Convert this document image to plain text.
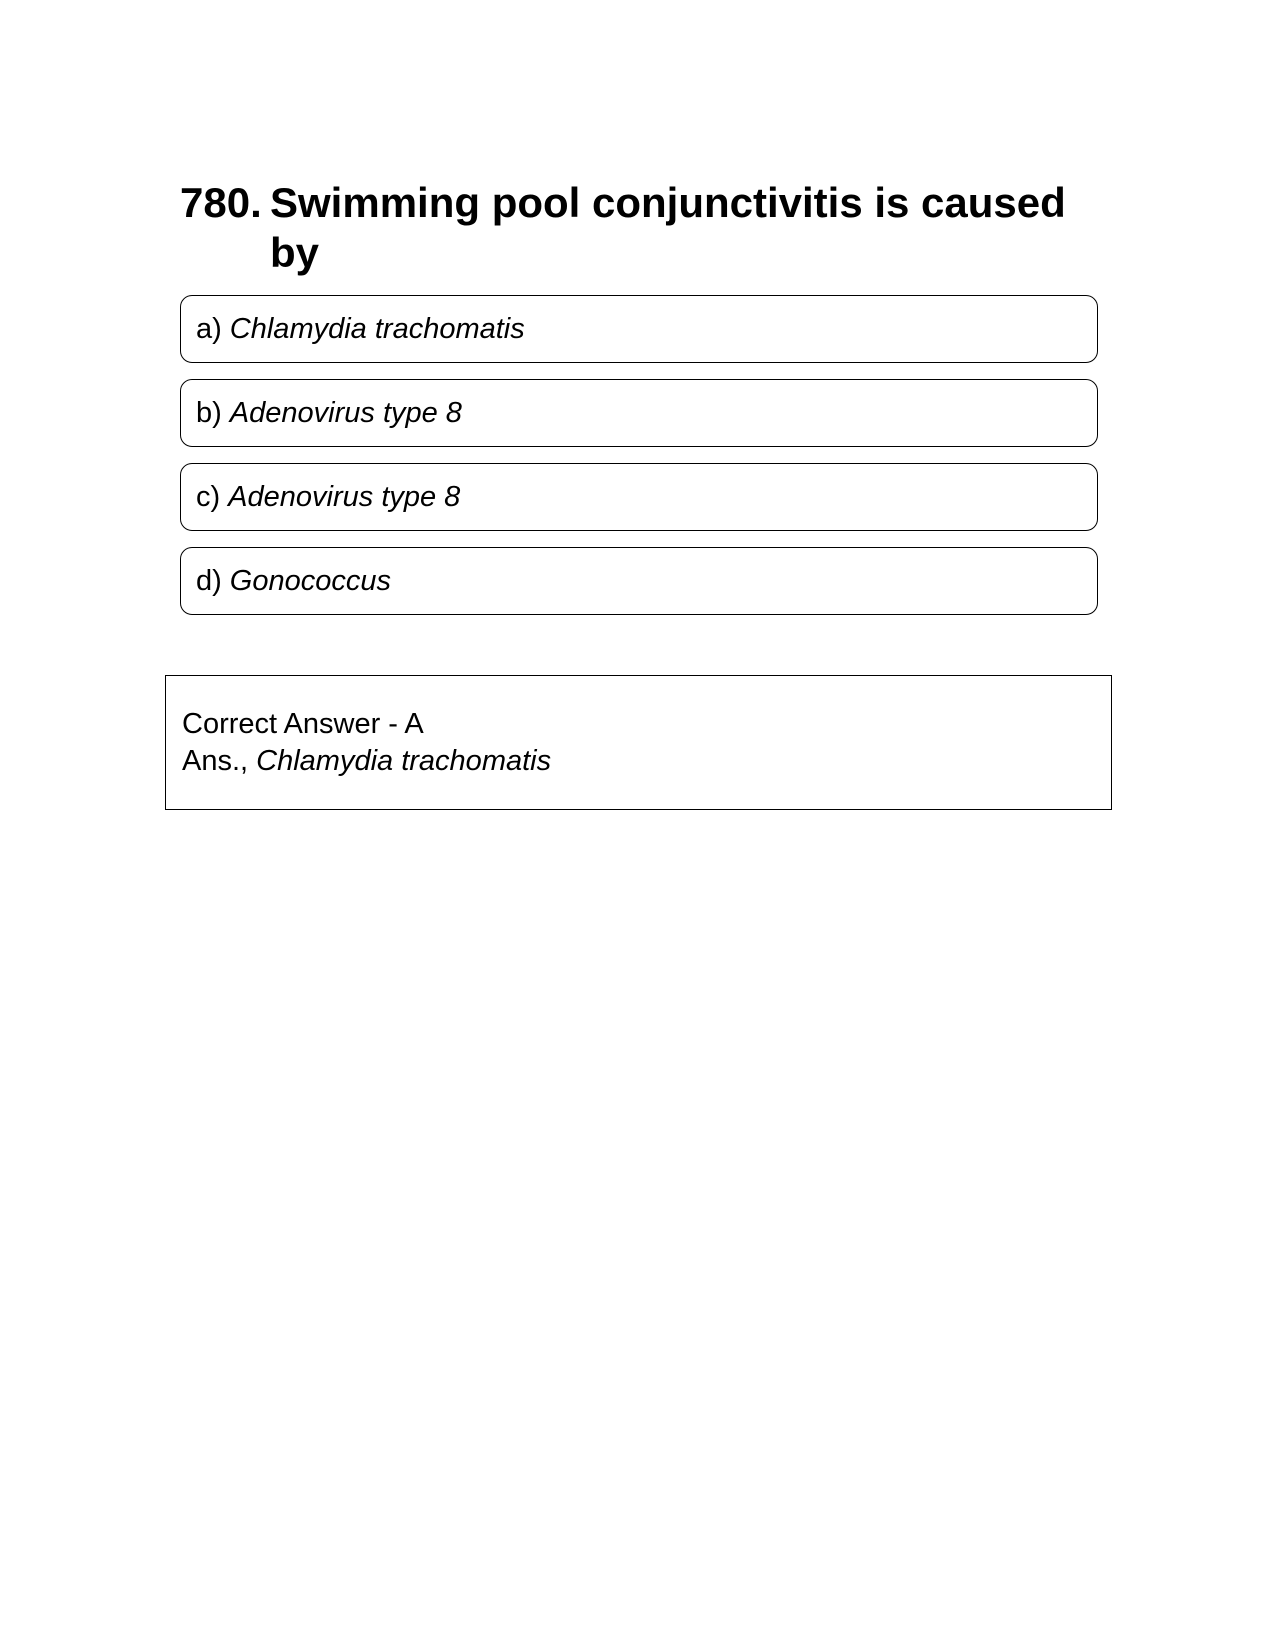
780. Swimming pool conjunctivitis is caused by
a) Chlamydia trachomatis
b) Adenovirus type 8
c) Adenovirus type 8
d) Gonococcus
Correct Answer - A
Ans., Chlamydia trachomatis
